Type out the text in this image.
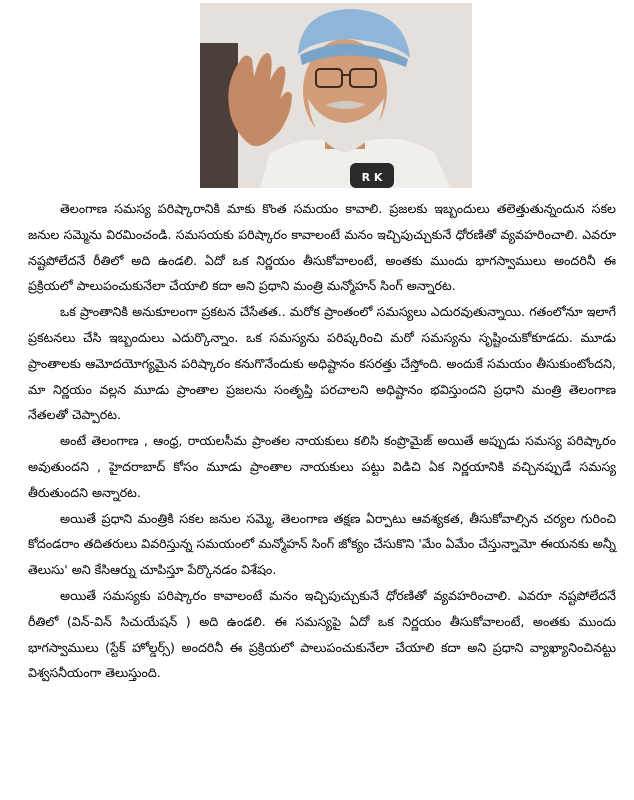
R K

తెలంగాణ సమస్య పరిష్కారానికి మాకు కొంత సమయం కావాలి. ప్రజలకు ఇబ్బందులు తలెత్తుతున్నందున సకల జనుల సమ్మెను విరమించండి. సమసయకు పరిష్కారం కావాలంటే మనం ఇచ్చిపుచ్చుకునే ధోరణితో వ్యవహరించాలి. ఎవరూ నష్టపోలేదనే రీతిలో అది ఉండలి. ఏదో ఒక నిర్ణయం తీసుకోవాలంటే, అంతకు ముందు భాగస్వాములు అందరినీ ఈ ప్రక్రియలో పాలుపంచుకునేలా చేయాలి కదా అని ప్రధాని మంత్రి మన్మోహన్ సింగ్ అన్నారట.

ఒక ప్రాంతానికి అనుకూలంగా ప్రకటన చేసేతత.. మరోక ప్రాంతంలో సమస్యలు ఎదురవుతున్నాయి. గతంలోనూ ఇలాగే ప్రకటనలు చేసి ఇబ్బందులు ఎదుర్కొన్నాం. ఒక సమస్యను పరిష్కరించి మరో సమస్యను సృష్టించుకోకూడదు. మూడు ప్రాంతాలకు ఆమోదయోగ్యమైన పరిష్కారం కనుగొనేందుకు అధిష్టానం కసరత్తు చేస్తోంది. అందుకే సమయం తీసుకుంటోందని, మా నిర్ణయం వల్లన మూడు ప్రాంతాల ప్రజలను సంతృప్తి పరచాలని అధిష్టానం భవిస్తుందని ప్రధాని మంత్రి తెలంగాణ నేతలతో చెప్పారట.

అంటే తెలంగాణ , ఆంధ్ర, రాయలసీమ ప్రాంతల నాయకులు కలిసి కంప్రొమైజ్ అయితే అప్పుడు సమస్య పరిష్కారం అవుతుందని , హైదరాబాద్ కోసం మూడు ప్రాంతాల నాయకులు పట్టు విడిచి ఏక నిర్ణయానికి వచ్చినప్పుడే సమస్య తీరుతుందని అన్నారట.

అయితే ప్రధాని మంత్రికి సకల జనుల సమ్మె, తెలంగాణ తక్షణ ఏర్పాటు ఆవశ్యకత, తీసుకోవాల్సిన చర్యల గురించి కోదండరాం తదితరులు వివరిస్తున్న సమయంలో మన్మోహన్ సింగ్ జోక్యం చేసుకొని 'మేం ఏమేం చేస్తున్నామో ఈయనకు అన్నీ తెలుసు' అని కేసిఆర్ను చూపిస్తూ పేర్కొనడం విశేషం.

అయితే సమస్యకు పరిష్కారం కావాలంటే మనం ఇచ్చిపుచ్చుకునే ధోరణితో వ్యవహరించాలి. ఎవరూ నష్టపోలేదనే రీతిలో (విన్-విన్ సిచుయేషన్ ) అది ఉండలి. ఈ సమస్యపై ఏదో ఒక నిర్ణయం తీసుకోవాలంటే, అంతకు ముందు భాగస్వాములు (స్టేక్ హోల్డర్స్) అందరినీ ఈ ప్రక్రియలో పాలుపంచుకునేలా చేయాలి కదా అని ప్రధాని వ్యాఖ్యానించినట్టు విశ్వసనీయంగా తెలుస్తుంది.
